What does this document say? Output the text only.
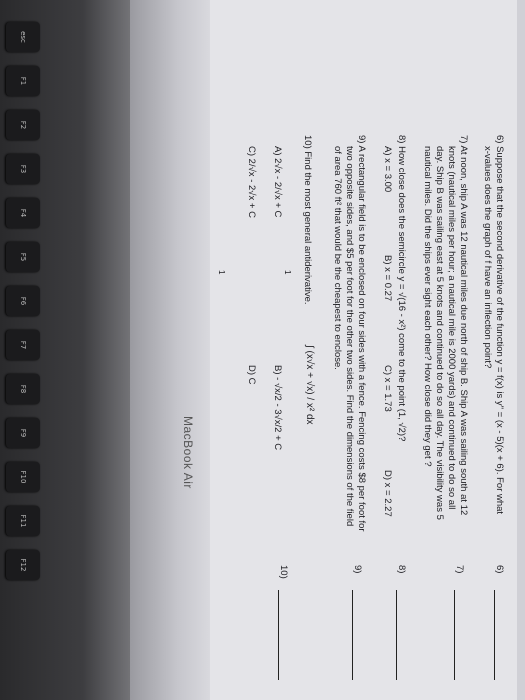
esc
F1
F2
F3
F4
F5
F6
F7
F8
F9
F10
F11
F12
MacBook Air	6) Suppose that the second derivative of the function y = f(x) is y" = (x - 5)(x + 6). For what
x-values does the graph of f have an inflection point?
6)
7) At noon, ship A was 12 nautical miles due north of ship B. Ship A was sailing south at 12
knots (nautical miles per hour; a nautical mile is 2000 yards) and continued to do so all
day. Ship B was sailing east at 5 knots and continued to do so all day. The visibility was 5
nautical miles. Did the ships ever sight each other? How close did they get ?
7)
8) How close does the semicircle y = √(16 - x²) come to the point (1, √2)?
A) x = 3.00
B) x = 0.27
C) x = 1.73
D) x = 2.27
8)
9) A rectangular field is to be enclosed on four sides with a fence. Fencing costs $8 per foot for
two opposite sides, and $5 per foot for the other two sides. Find the dimensions of the field
of area 760 ft² that would be the cheapest to enclose.
9)
10) Find the most general antiderivative.
∫ (x√x + √x) / x² dx
A) 2√x - 2/√x + C
B) - √x/2 - 3√x/2 + C
C) 2/√x - 2√x + C
D) C
10)
1
1
